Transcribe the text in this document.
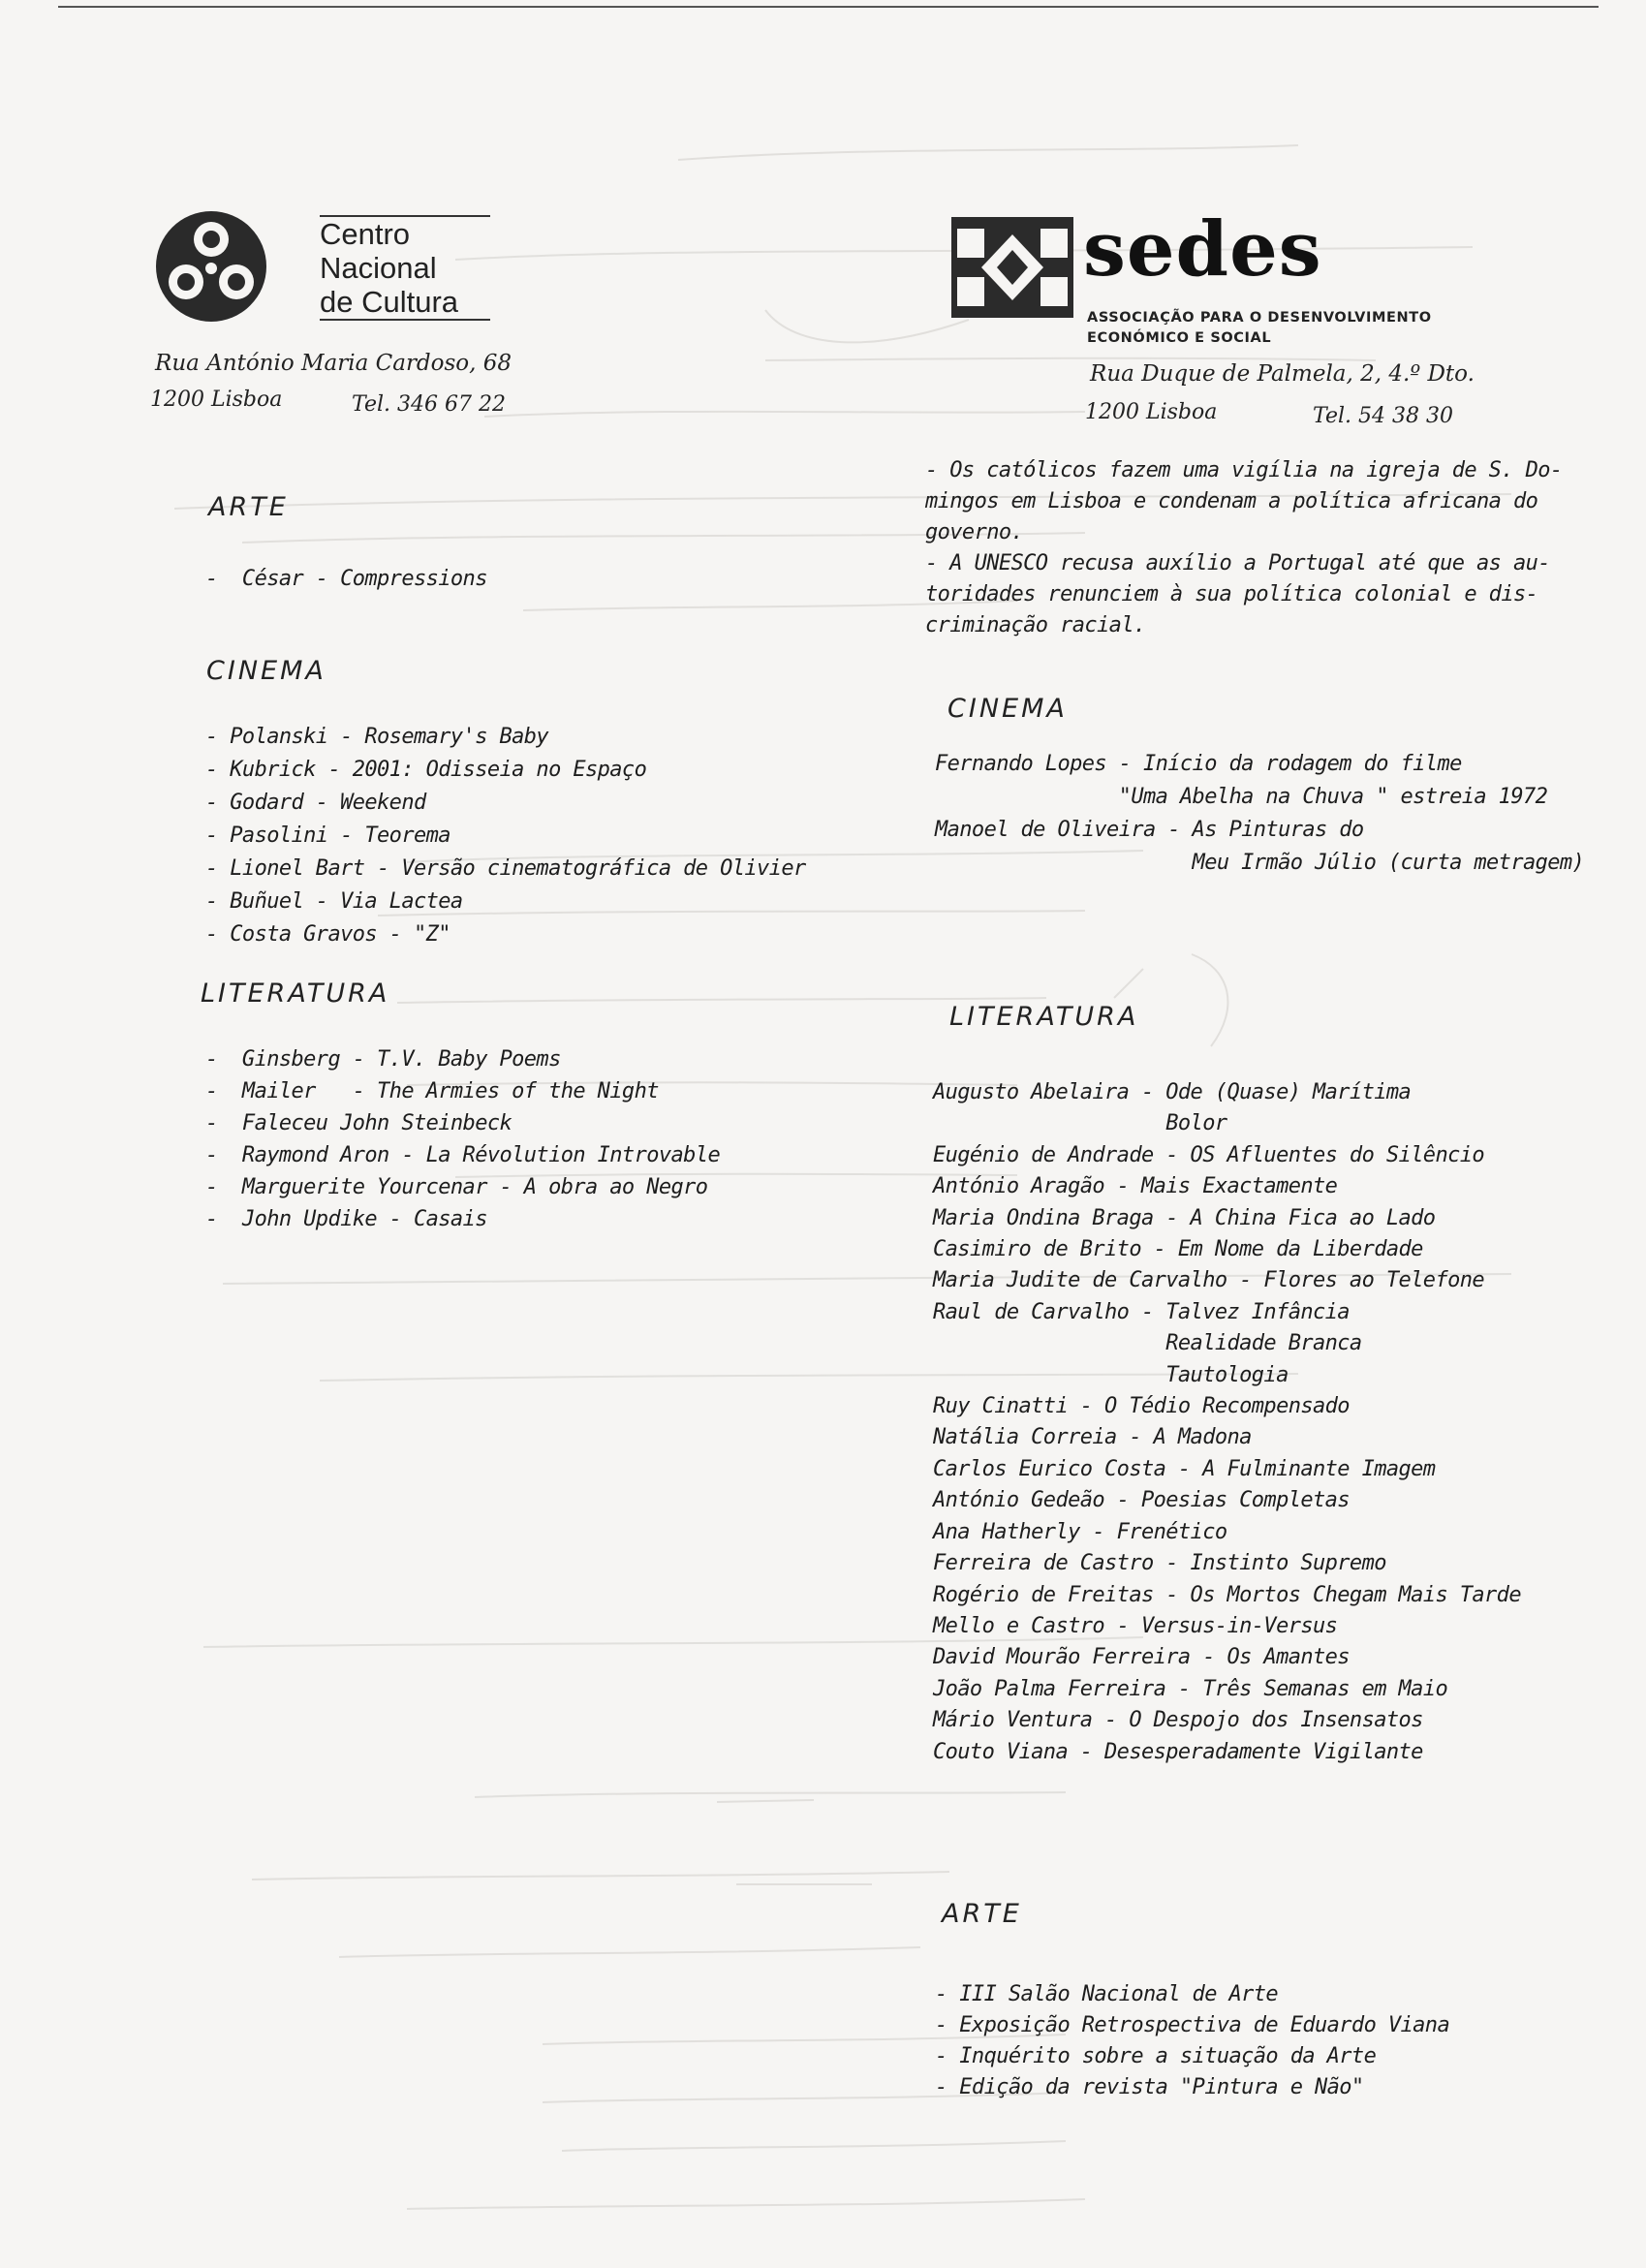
Centro
Nacional
de Cultura
Rua António Maria Cardoso, 68
1200 Lisboa	Tel. 346 67 22
sedes
ASSOCIAÇÃO PARA O DESENVOLVIMENTO
ECONÓMICO E SOCIAL
Rua Duque de Palmela, 2, 4.º Dto.
1200 Lisboa	Tel. 54 38 30
ARTE
-  César - Compressions
CINEMA
- Polanski - Rosemary's Baby
- Kubrick - 2001: Odisseia no Espaço
- Godard - Weekend
- Pasolini - Teorema
- Lionel Bart - Versão cinematográfica de Olivier
- Buñuel - Via Lactea
- Costa Gravos - "Z"
LITERATURA
-  Ginsberg - T.V. Baby Poems
-  Mailer   - The Armies of the Night
-  Faleceu John Steinbeck
-  Raymond Aron - La Révolution Introvable
-  Marguerite Yourcenar - A obra ao Negro
-  John Updike - Casais
- Os católicos fazem uma vigília na igreja de S. Do-
mingos em Lisboa e condenam a política africana do
governo.
- A UNESCO recusa auxílio a Portugal até que as au-
toridades renunciem à sua política colonial e dis-
criminação racial.
CINEMA
Fernando Lopes - Início da rodagem do filme
"Uma Abelha na Chuva " estreia 1972
Manoel de Oliveira - As Pinturas do
Meu Irmão Júlio (curta metragem)
LITERATURA
Augusto Abelaira - Ode (Quase) Marítima
Bolor
Eugénio de Andrade - OS Afluentes do Silêncio
António Aragão - Mais Exactamente
Maria Ondina Braga - A China Fica ao Lado
Casimiro de Brito - Em Nome da Liberdade
Maria Judite de Carvalho - Flores ao Telefone
Raul de Carvalho - Talvez Infância
Realidade Branca
Tautologia
Ruy Cinatti - O Tédio Recompensado
Natália Correia - A Madona
Carlos Eurico Costa - A Fulminante Imagem
António Gedeão - Poesias Completas
Ana Hatherly - Frenético
Ferreira de Castro - Instinto Supremo
Rogério de Freitas - Os Mortos Chegam Mais Tarde
Mello e Castro - Versus-in-Versus
David Mourão Ferreira - Os Amantes
João Palma Ferreira - Três Semanas em Maio
Mário Ventura - O Despojo dos Insensatos
Couto Viana - Desesperadamente Vigilante
ARTE
- III Salão Nacional de Arte
- Exposição Retrospectiva de Eduardo Viana
- Inquérito sobre a situação da Arte
- Edição da revista "Pintura e Não"
